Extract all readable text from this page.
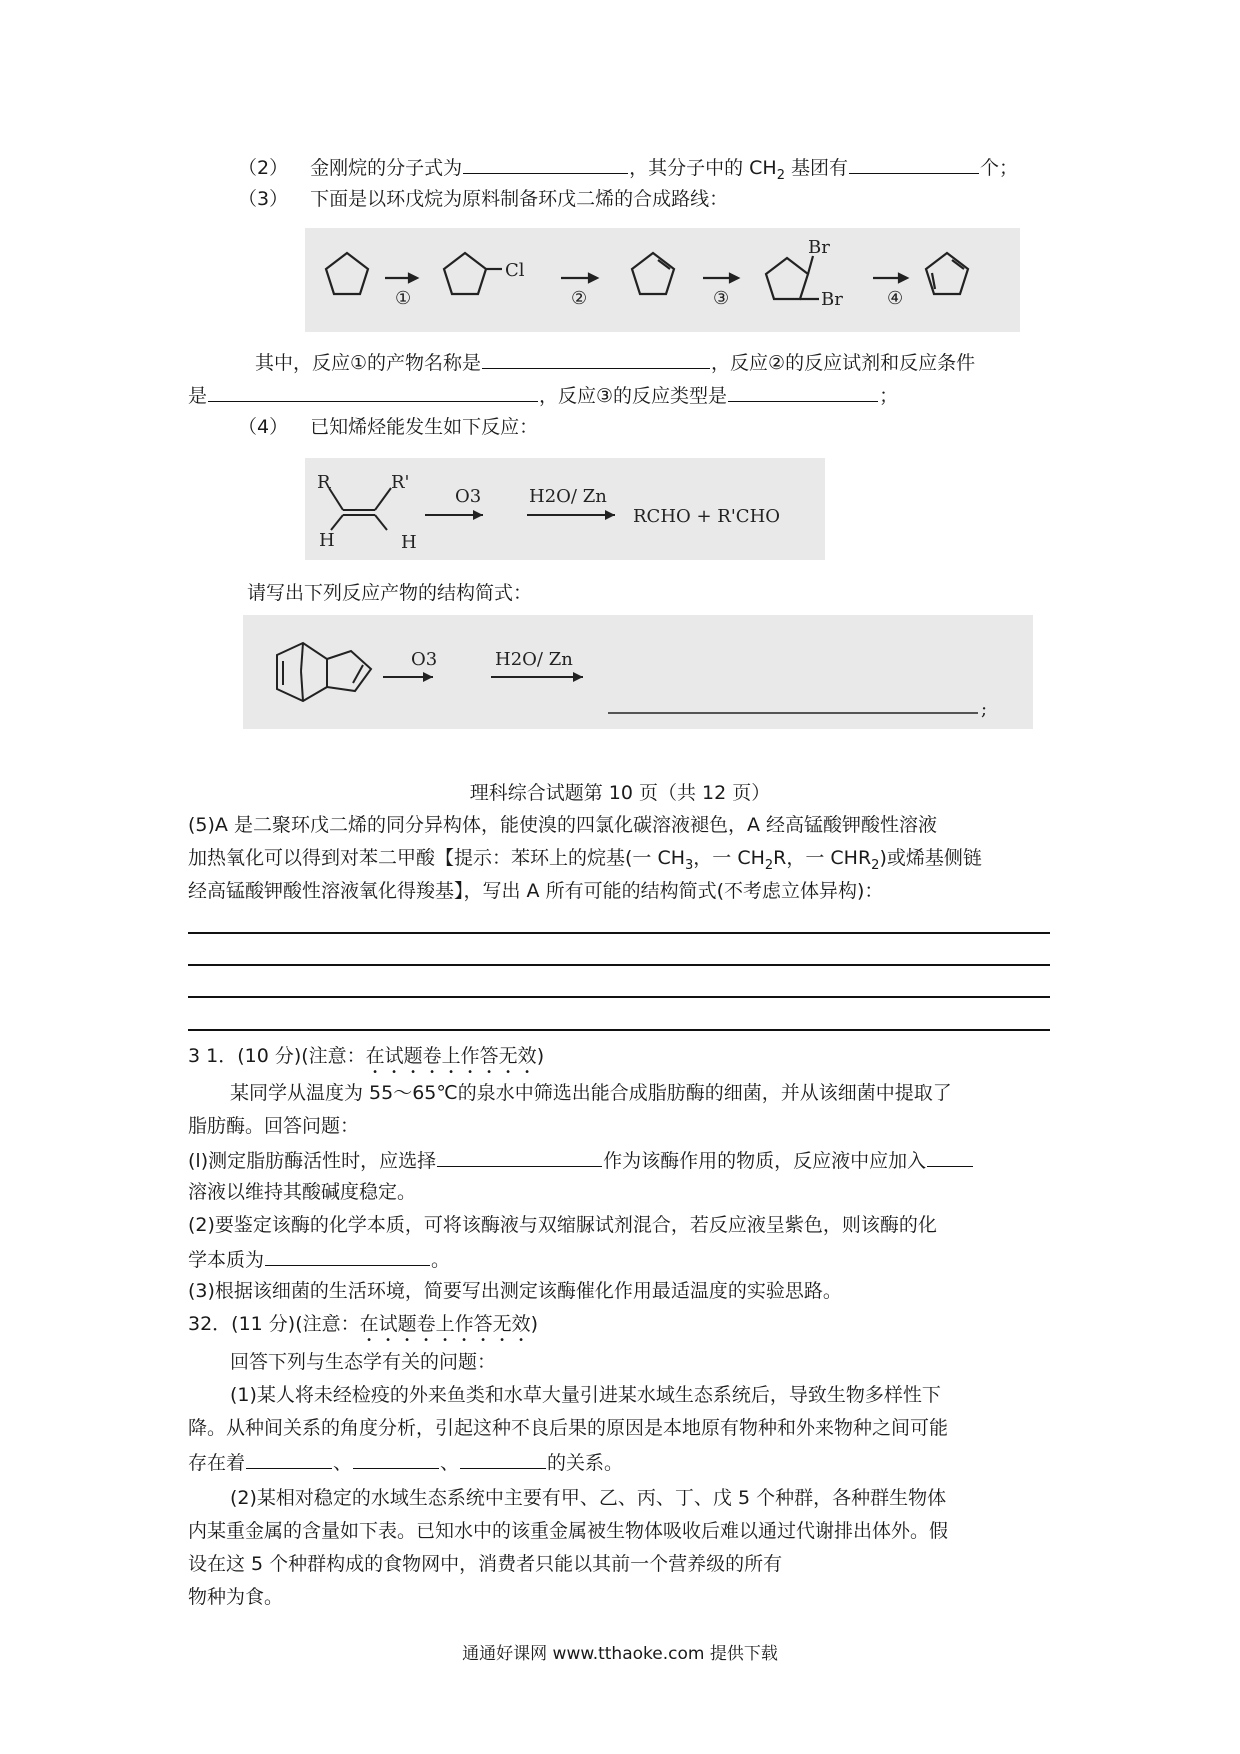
（2） 金刚烷的分子式为	，其分子中的 $CH_2$ 基团有	个；
（3） 下面是以环戊烷为原料制备环戊二烯的合成路线：
Cl
Br
Br
①	②	③	④
其中，反应①的产物名称是	，反应②的反应试剂和反应条件
是	，反应③的反应类型是	；
（4） 已知烯烃能发生如下反应：
R	R'
H	H
O3	H2O/ Zn
RCHO + R'CHO
请写出下列反应产物的结构简式：
O3	H2O/ Zn
;
理科综合试题第 10 页（共 12 页）
(5)A 是二聚环戊二烯的同分异构体，能使溴的四氯化碳溶液褪色，A 经高锰酸钾酸性溶液
加热氧化可以得到对苯二甲酸【提示：苯环上的烷基(一 $CH_3$，一 $CH_2R$，一 $CHR_2$)或烯基侧链
经高锰酸钾酸性溶液氧化得羧基】，写出 A 所有可能的结构简式(不考虑立体异构)：
3 1．(10 分)(注意：在试题卷上作答无效)
某同学从温度为 55～65℃的泉水中筛选出能合成脂肪酶的细菌，并从该细菌中提取了
脂肪酶。回答问题：
(l)测定脂肪酶活性时，应选择	作为该酶作用的物质，反应液中应加入
溶液以维持其酸碱度稳定。
(2)要鉴定该酶的化学本质，可将该酶液与双缩脲试剂混合，若反应液呈紫色，则该酶的化
学本质为	。
(3)根据该细菌的生活环境，简要写出测定该酶催化作用最适温度的实验思路。
32．(11 分)(注意：在试题卷上作答无效)
回答下列与生态学有关的问题：
(1)某人将未经检疫的外来鱼类和水草大量引进某水域生态系统后，导致生物多样性下
降。从种间关系的角度分析，引起这种不良后果的原因是本地原有物种和外来物种之间可能
存在着	、	、	的关系。
(2)某相对稳定的水域生态系统中主要有甲、乙、丙、丁、戊 5 个种群，各种群生物体
内某重金属的含量如下表。已知水中的该重金属被生物体吸收后难以通过代谢排出体外。假
设在这 5 个种群构成的食物网中，消费者只能以其前一个营养级的所有
物种为食。
通通好课网 www.tthaoke.com 提供下载
